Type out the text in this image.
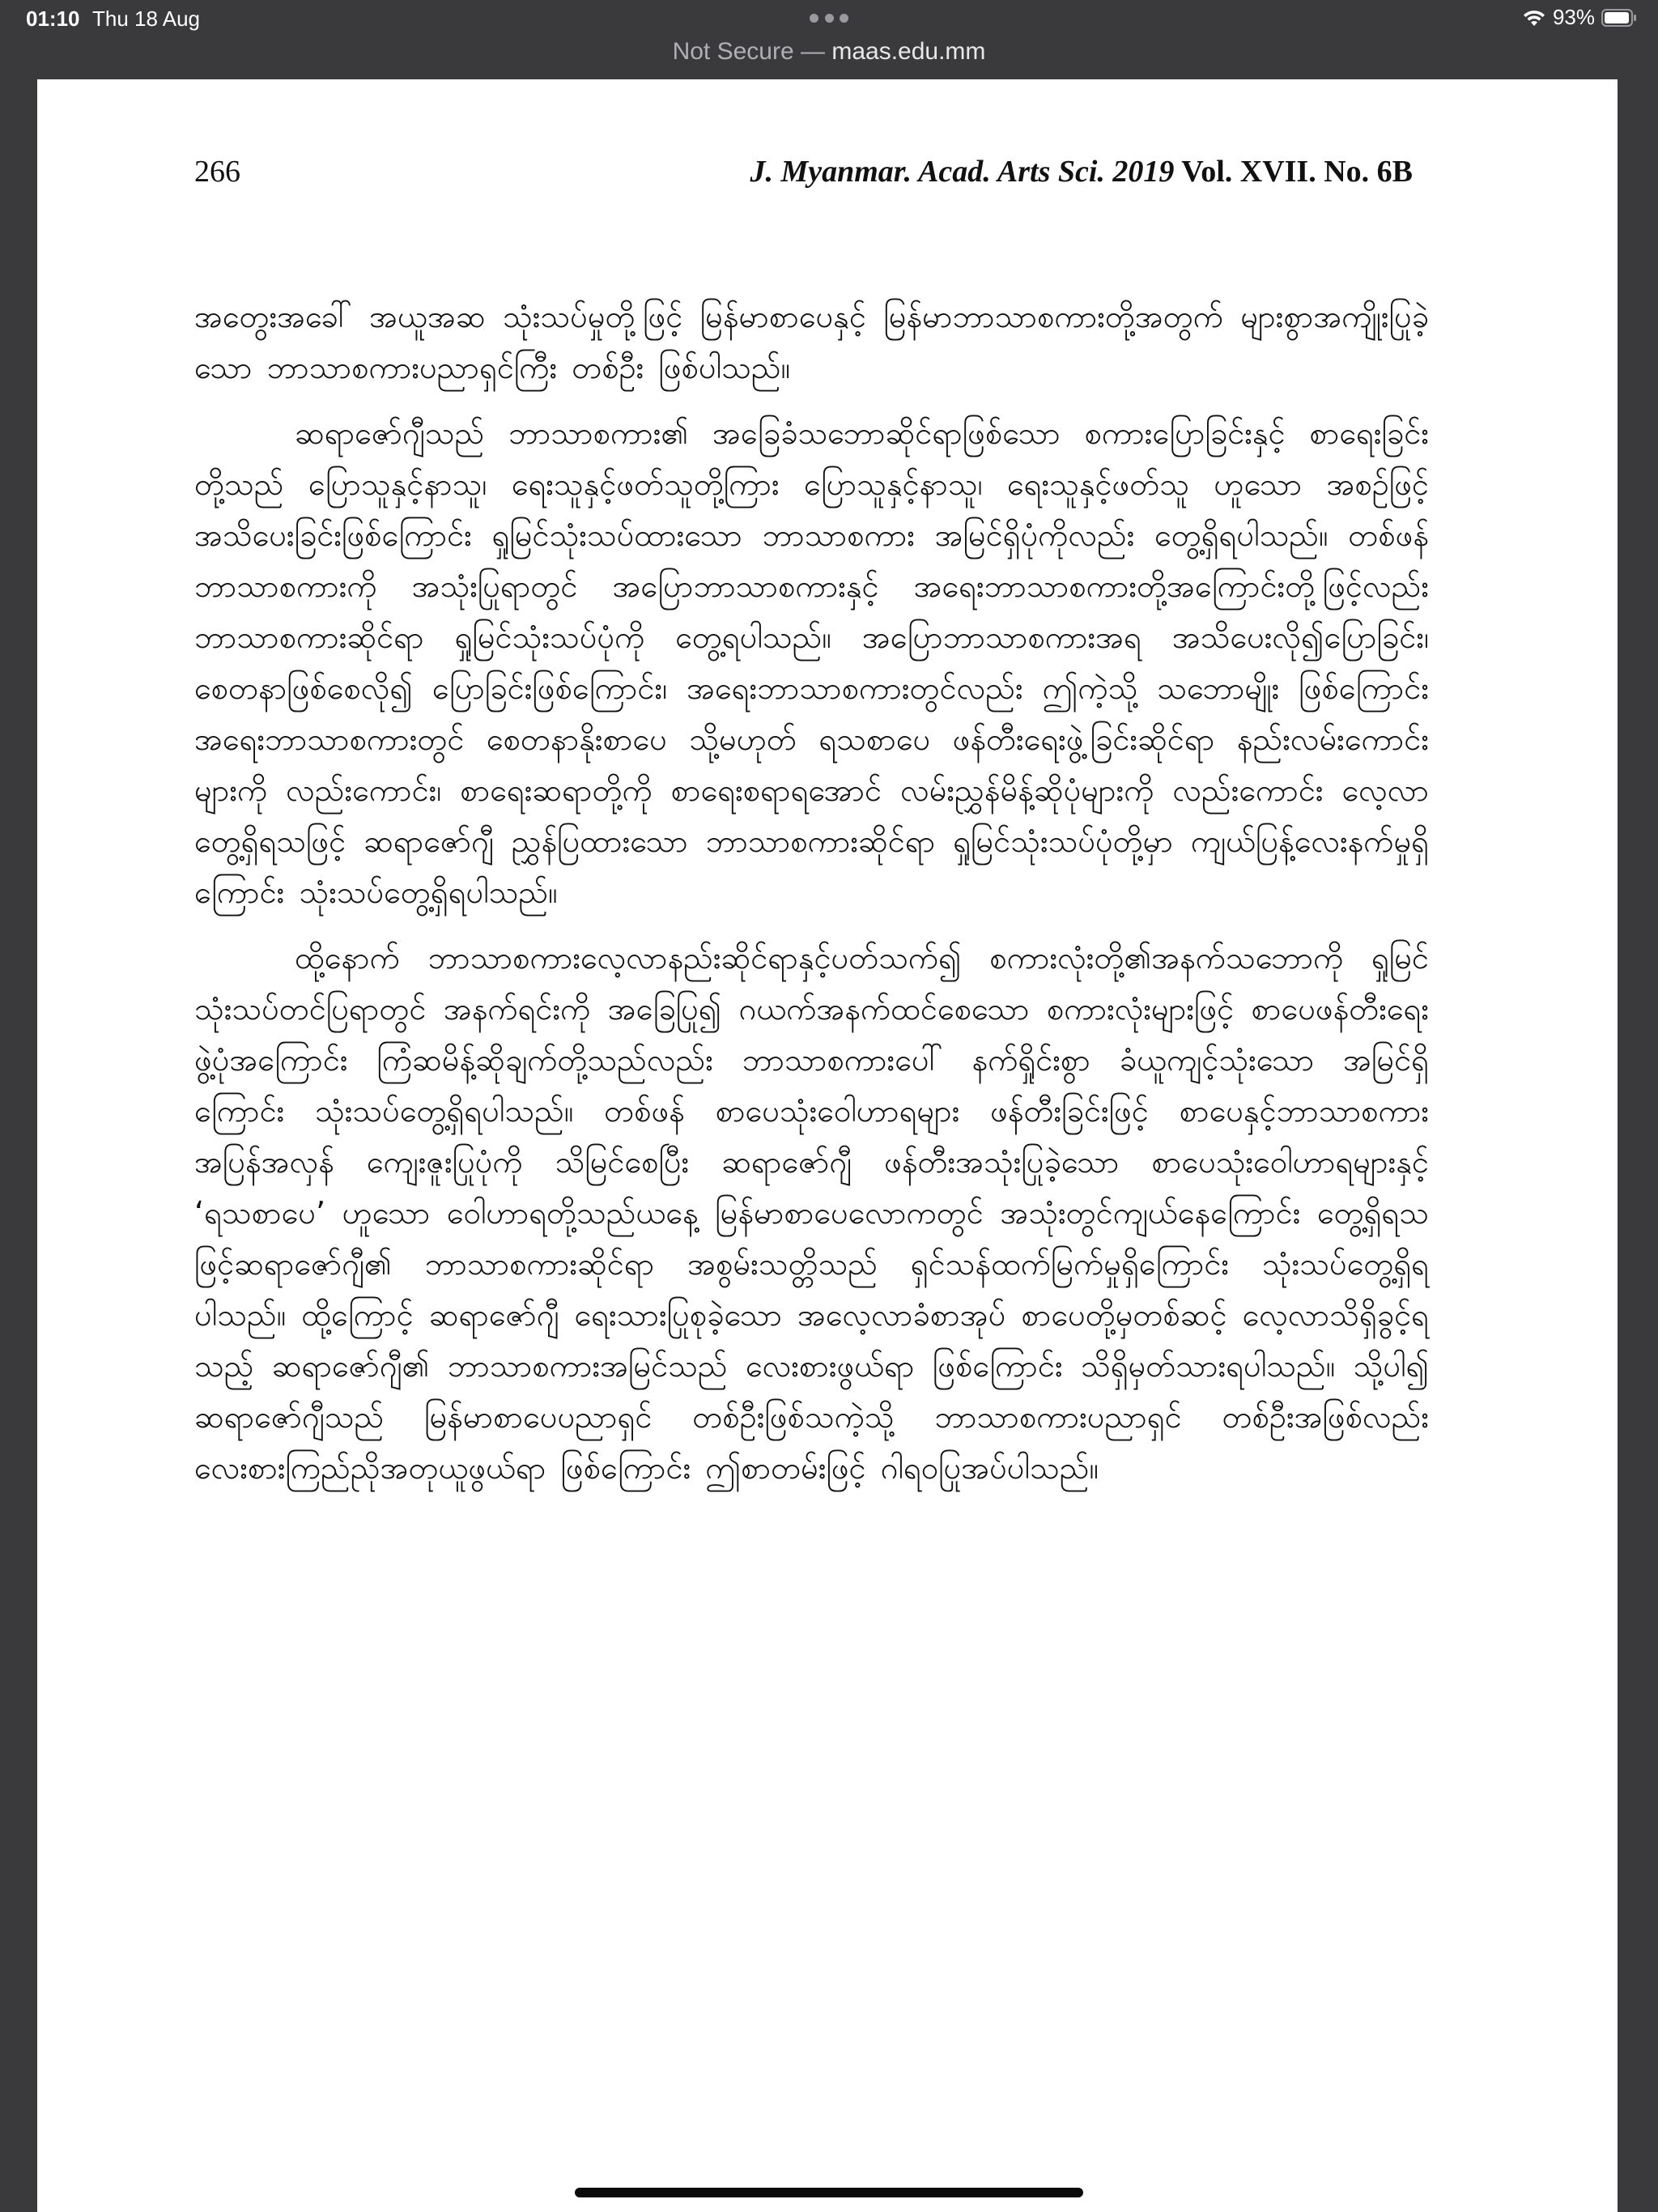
01:10 Thu 18 Aug	93%
Not Secure — maas.edu.mm
266	J. Myanmar. Acad. Arts Sci. 2019 Vol. XVII. No. 6B

အတွေးအခေါ် အယူအဆ သုံးသပ်မှုတို့ဖြင့် မြန်မာစာပေနှင့် မြန်မာဘာသာစကားတို့အတွက် များစွာအကျိုးပြုခဲ့သော ဘာသာစကားပညာရှင်ကြီး တစ်ဦး ဖြစ်ပါသည်။

ဆရာဇော်ဂျီသည် ဘာသာစကား၏ အခြေခံသဘောဆိုင်ရာဖြစ်သော စကားပြောခြင်းနှင့် စာရေးခြင်းတို့သည် ပြောသူနှင့်နာသူ၊ ရေးသူနှင့်ဖတ်သူတို့ကြား ပြောသူနှင့်နာသူ၊ ရေးသူနှင့်ဖတ်သူ ဟူသော အစဉ်ဖြင့် အသိပေးခြင်းဖြစ်ကြောင်း ရှုမြင်သုံးသပ်ထားသော ဘာသာစကား အမြင်ရှိပုံကိုလည်း တွေ့ရှိရပါသည်။ တစ်ဖန်ဘာသာစကားကို အသုံးပြုရာတွင် အပြောဘာသာစကားနှင့် အရေးဘာသာစကားတို့အကြောင်းတို့ဖြင့်လည်း ဘာသာစကားဆိုင်ရာ ရှုမြင်သုံးသပ်ပုံကို တွေ့ရပါသည်။ အပြောဘာသာစကားအရ အသိပေးလို၍ပြောခြင်း၊ စေတနာဖြစ်စေလို၍ ပြောခြင်းဖြစ်ကြောင်း၊ အရေးဘာသာစကားတွင်လည်း ဤကဲ့သို့ သဘောမျိုး ဖြစ်ကြောင်း အရေးဘာသာစကားတွင် စေတနာနိုးစာပေ သို့မဟုတ် ရသစာပေ ဖန်တီးရေးဖွဲ့ခြင်းဆိုင်ရာ နည်းလမ်းကောင်းများကို လည်းကောင်း၊ စာရေးဆရာတို့ကို စာရေးစရာရအောင် လမ်းညွှန်မိန့်ဆိုပုံများကို လည်းကောင်း လေ့လာတွေ့ရှိရသဖြင့် ဆရာဇော်ဂျီ ညွှန်ပြထားသော ဘာသာစကားဆိုင်ရာ ရှုမြင်သုံးသပ်ပုံတို့မှာ ကျယ်ပြန့်လေးနက်မှုရှိကြောင်း သုံးသပ်တွေ့ရှိရပါသည်။

ထို့နောက် ဘာသာစကားလေ့လာနည်းဆိုင်ရာနှင့်ပတ်သက်၍ စကားလုံးတို့၏အနက်သဘောကို ရှုမြင်သုံးသပ်တင်ပြရာတွင် အနက်ရင်းကို အခြေပြု၍ ဂယက်အနက်ထင်စေသော စကားလုံးများဖြင့် စာပေဖန်တီးရေးဖွဲ့ပုံအကြောင်း ကြံဆမိန့်ဆိုချက်တို့သည်လည်း ဘာသာစကားပေါ် နက်ရှိုင်းစွာ ခံယူကျင့်သုံးသော အမြင်ရှိကြောင်း သုံးသပ်တွေ့ရှိရပါသည်။ တစ်ဖန် စာပေသုံးဝေါဟာရများ ဖန်တီးခြင်းဖြင့် စာပေနှင့်ဘာသာစကား အပြန်အလှန် ကျေးဇူးပြုပုံကို သိမြင်စေပြီး ဆရာဇော်ဂျီ ဖန်တီးအသုံးပြုခဲ့သော စာပေသုံးဝေါဟာရများနှင့် ‘ရသစာပေ’ ဟူသော ဝေါဟာရတို့သည်ယနေ့ မြန်မာစာပေလောကတွင် အသုံးတွင်ကျယ်နေကြောင်း တွေ့ရှိရသဖြင့်ဆရာဇော်ဂျီ၏ ဘာသာစကားဆိုင်ရာ အစွမ်းသတ္တိသည် ရှင်သန်ထက်မြက်မှုရှိကြောင်း သုံးသပ်တွေ့ရှိရပါသည်။ ထို့ကြောင့် ဆရာဇော်ဂျီ ရေးသားပြုစုခဲ့သော အလေ့လာခံစာအုပ် စာပေတို့မှတစ်ဆင့် လေ့လာသိရှိခွင့်ရသည့် ဆရာဇော်ဂျီ၏ ဘာသာစကားအမြင်သည် လေးစားဖွယ်ရာ ဖြစ်ကြောင်း သိရှိမှတ်သားရပါသည်။ သို့ပါ၍ ဆရာဇော်ဂျီသည် မြန်မာစာပေပညာရှင် တစ်ဦးဖြစ်သကဲ့သို့ ဘာသာစကားပညာရှင် တစ်ဦးအဖြစ်လည်း လေးစားကြည်ညိုအတုယူဖွယ်ရာ ဖြစ်ကြောင်း ဤစာတမ်းဖြင့် ဂါရဝပြုအပ်ပါသည်။
